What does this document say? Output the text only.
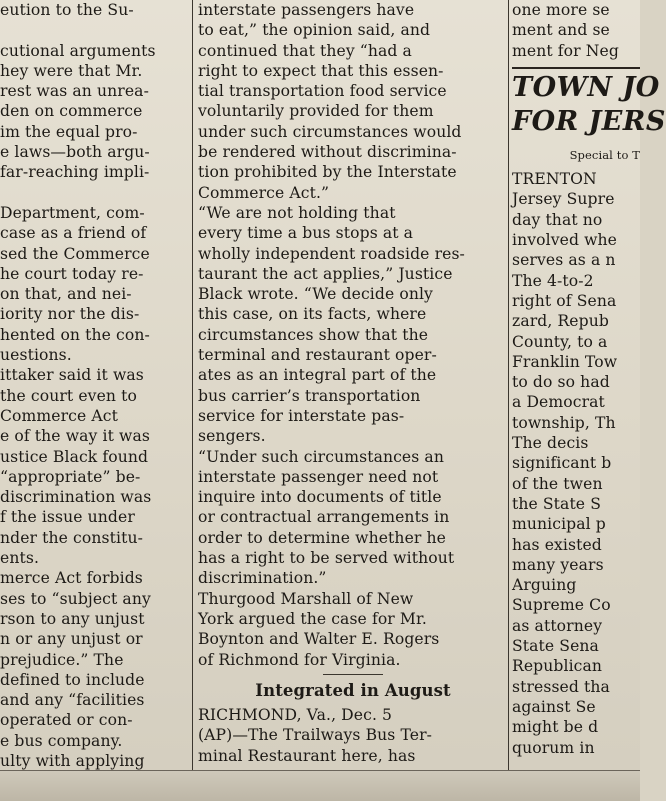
eution to the Su-

cutional arguments
hey were that Mr.
rest was an unrea-
den on commerce
im the equal pro-
e laws—both argu-
far-reaching impli-

Department, com-
case as a friend of
sed the Commerce
he court today re-
on that, and nei-
iority nor the dis-
hented on the con-
uestions.
ittaker said it was
the court even to
Commerce Act
e of the way it was
ustice Black found
“appropriate” be-
discrimination was
f the issue under
nder the constitu-
ents.
merce Act forbids
ses to “subject any
rson to any unjust
n or any unjust or
prejudice.” The
defined to include
and any “facilities
operated or con-
e bus company.
ulty with applying
interstate passengers have
to eat,” the opinion said, and
continued that they “had a
right to expect that this essen-
tial transportation food service
voluntarily provided for them
under such circumstances would
be rendered without discrimina-
tion prohibited by the Interstate
Commerce Act.”
“We are not holding that
every time a bus stops at a
wholly independent roadside res-
taurant the act applies,” Justice
Black wrote. “We decide only
this case, on its facts, where
circumstances show that the
terminal and restaurant oper-
ates as an integral part of the
bus carrier’s transportation
service for interstate pas-
sengers.
“Under such circumstances an
interstate passenger need not
inquire into documents of title
or contractual arrangements in
order to determine whether he
has a right to be served without
discrimination.”
Thurgood Marshall of New
York argued the case for Mr.
Boynton and Walter E. Rogers
of Richmond for Virginia.
Integrated in August
RICHMOND, Va., Dec. 5
(AP)—The Trailways Bus Ter-
minal Restaurant here, has
one more se
ment and se
ment for Neg
TOWN JO
FOR JERS
Special to T
TRENTON
Jersey Supre
day that no
involved whe
serves as a n
The 4-to-2
right of Sena
zard, Repub
County, to a
Franklin Tow
to do so had
a Democrat
township, Th
The decis
significant b
of the twen
the State S
municipal p
has existed
many years
Arguing
Supreme Co
as attorney
State Sena
Republican
stressed tha
against Se
might be d
quorum in
